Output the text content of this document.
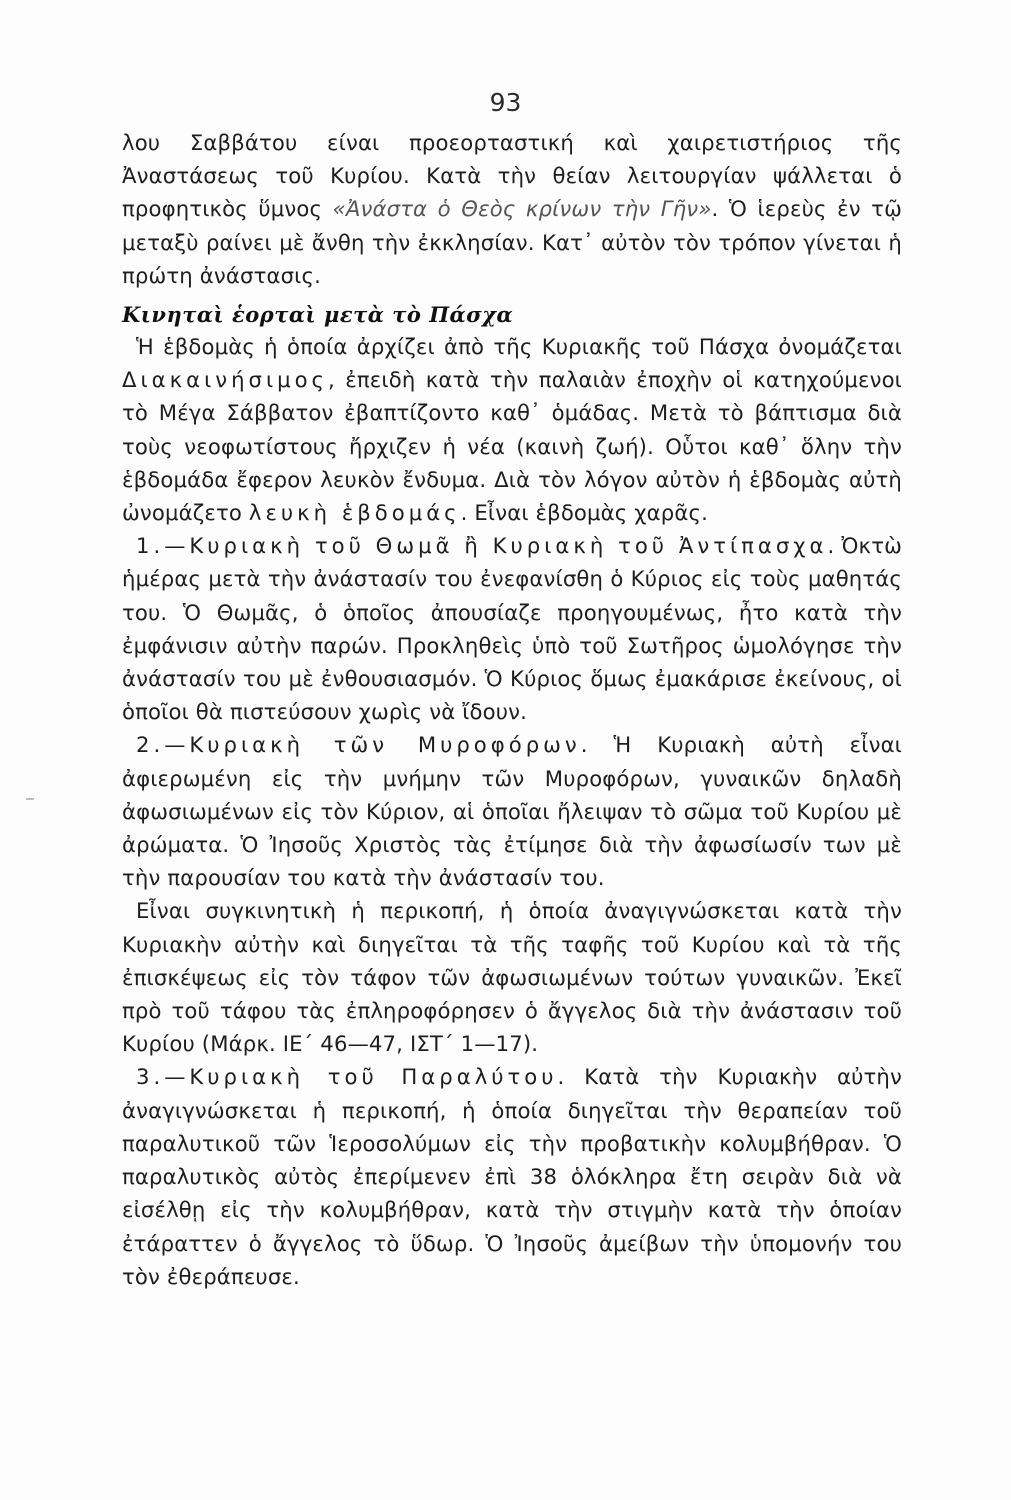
93

λου Σαββάτου είναι προεορταστική καὶ χαιρετιστήριος τῆς Ἀναστάσεως τοῦ Κυρίου. Κατὰ τὴν θείαν λειτουργίαν ψάλλεται ὁ προφητικὸς ὕμνος «Ἀνάστα ὁ Θεὸς κρίνων τὴν Γῆν». Ὁ ἱερεὺς ἐν τῷ μεταξὺ ραίνει μὲ ἄνθη τὴν ἐκκλησίαν. Κατ᾽ αὐτὸν τὸν τρόπον γίνεται ἡ πρώτη ἀνάστασις.

Κινηταὶ ἑορταὶ μετὰ τὸ Πάσχα

Ἡ ἑβδομὰς ἡ ὁποία ἀρχίζει ἀπὸ τῆς Κυριακῆς τοῦ Πάσχα ὀνομάζεται Διακαινήσιμος, ἐπειδὴ κατὰ τὴν παλαιὰν ἐποχὴν οἱ κατηχούμενοι τὸ Μέγα Σάββατον ἐβαπτίζοντο καθ᾽ ὁμάδας. Μετὰ τὸ βάπτισμα διὰ τοὺς νεοφωτίστους ἤρχιζεν ἡ νέα (καινὴ ζωή). Οὗτοι καθ᾽ ὅλην τὴν ἑβδομάδα ἔφερον λευκὸν ἔνδυμα. Διὰ τὸν λόγον αὐτὸν ἡ ἑβδομὰς αὐτὴ ὠνομάζετο λευκὴ ἑβδομάς. Εἶναι ἑβδομὰς χαρᾶς.

1.—Κυριακὴ τοῦ Θωμᾶ ἢ Κυριακὴ τοῦ Ἀντίπασχα. Ὀκτὼ ἡμέρας μετὰ τὴν ἀνάστασίν του ἐνεφανίσθη ὁ Κύριος εἰς τοὺς μαθητάς του. Ὁ Θωμᾶς, ὁ ὁποῖος ἀπουσίαζε προηγουμένως, ἦτο κατὰ τὴν ἐμφάνισιν αὐτὴν παρών. Προκληθεὶς ὑπὸ τοῦ Σωτῆρος ὡμολόγησε τὴν ἀνάστασίν του μὲ ἐνθουσιασμόν. Ὁ Κύριος ὅμως ἐμακάρισε ἐκείνους, οἱ ὁποῖοι θὰ πιστεύσουν χωρὶς νὰ ἴδουν.

2.—Κυριακὴ τῶν Μυροφόρων. Ἡ Κυριακὴ αὐτὴ εἶναι ἀφιερωμένη εἰς τὴν μνήμην τῶν Μυροφόρων, γυναικῶν δηλαδὴ ἀφωσιωμένων εἰς τὸν Κύριον, αἱ ὁποῖαι ἤλειψαν τὸ σῶμα τοῦ Κυρίου μὲ ἀρώματα. Ὁ Ἰησοῦς Χριστὸς τὰς ἐτίμησε διὰ τὴν ἀφωσίωσίν των μὲ τὴν παρουσίαν του κατὰ τὴν ἀνάστασίν του.

Εἶναι συγκινητικὴ ἡ περικοπή, ἡ ὁποία ἀναγιγνώσκεται κατὰ τὴν Κυριακὴν αὐτὴν καὶ διηγεῖται τὰ τῆς ταφῆς τοῦ Κυρίου καὶ τὰ τῆς ἐπισκέψεως εἰς τὸν τάφον τῶν ἀφωσιωμένων τούτων γυναικῶν. Ἐκεῖ πρὸ τοῦ τάφου τὰς ἐπληροφόρησεν ὁ ἄγγελος διὰ τὴν ἀνάστασιν τοῦ Κυρίου (Μάρκ. ΙΕ΄ 46—47, ΙΣΤ΄ 1—17).

3.—Κυριακὴ τοῦ Παραλύτου. Κατὰ τὴν Κυριακὴν αὐτὴν ἀναγιγνώσκεται ἡ περικοπή, ἡ ὁποία διηγεῖται τὴν θεραπείαν τοῦ παραλυτικοῦ τῶν Ἱεροσολύμων εἰς τὴν προβατικὴν κολυμβήθραν. Ὁ παραλυτικὸς αὐτὸς ἐπερίμενεν ἐπὶ 38 ὁλόκληρα ἔτη σειρὰν διὰ νὰ εἰσέλθῃ εἰς τὴν κολυμβήθραν, κατὰ τὴν στιγμὴν κατὰ τὴν ὁποίαν ἐτάραττεν ὁ ἄγγελος τὸ ὕδωρ. Ὁ Ἰησοῦς ἀμείβων τὴν ὑπομονήν του τὸν ἐθεράπευσε.
